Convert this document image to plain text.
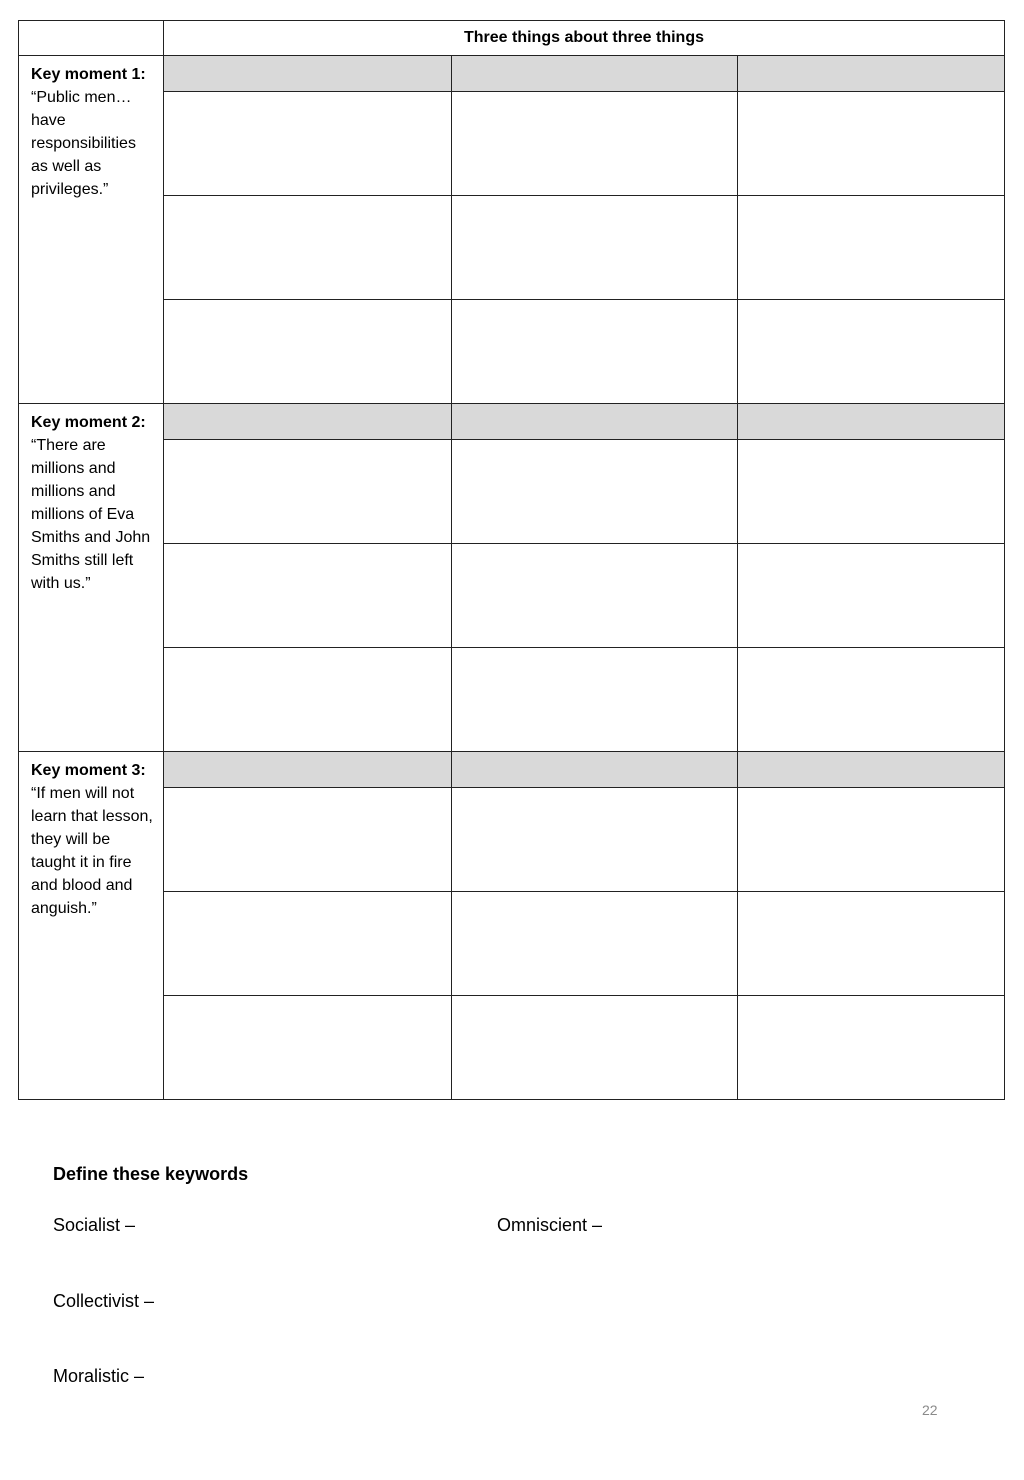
	Three things about three things		
Key moment 1: “Public men…have responsibilities as well as privileges.”			

Key moment 2: “There are millions and millions and millions of Eva Smiths and John Smiths still left with us.”			

Key moment 3: “If men will not learn that lesson, they will be taught it in fire and blood and anguish.”			

Define these keywords
Socialist –	Omniscient –
Collectivist –
Moralistic –
22
